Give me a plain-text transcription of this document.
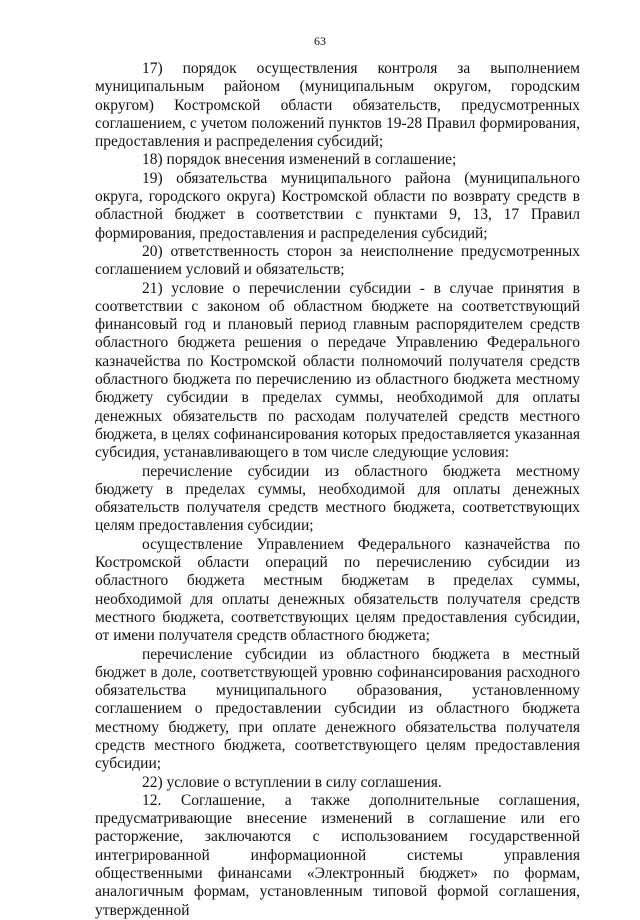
63

17) порядок осуществления контроля за выполнением муниципальным районом (муниципальным округом, городским округом) Костромской области обязательств, предусмотренных соглашением, с учетом положений пунктов 19-28 Правил формирования, предоставления и распределения субсидий;

18) порядок внесения изменений в соглашение;

19) обязательства муниципального района (муниципального округа, городского округа) Костромской области по возврату средств в областной бюджет в соответствии с пунктами 9, 13, 17 Правил формирования, предоставления и распределения субсидий;

20) ответственность сторон за неисполнение предусмотренных соглашением условий и обязательств;

21) условие о перечислении субсидии - в случае принятия в соответствии с законом об областном бюджете на соответствующий финансовый год и плановый период главным распорядителем средств областного бюджета решения о передаче Управлению Федерального казначейства по Костромской области полномочий получателя средств областного бюджета по перечислению из областного бюджета местному бюджету субсидии в пределах суммы, необходимой для оплаты денежных обязательств по расходам получателей средств местного бюджета, в целях софинансирования которых предоставляется указанная субсидия, устанавливающего в том числе следующие условия:

перечисление субсидии из областного бюджета местному бюджету в пределах суммы, необходимой для оплаты денежных обязательств получателя средств местного бюджета, соответствующих целям предоставления субсидии;

осуществление Управлением Федерального казначейства по Костромской области операций по перечислению субсидии из областного бюджета местным бюджетам в пределах суммы, необходимой для оплаты денежных обязательств получателя средств местного бюджета, соответствующих целям предоставления субсидии, от имени получателя средств областного бюджета;

перечисление субсидии из областного бюджета в местный бюджет в доле, соответствующей уровню софинансирования расходного обязательства муниципального образования, установленному соглашением о предоставлении субсидии из областного бюджета местному бюджету, при оплате денежного обязательства получателя средств местного бюджета, соответствующего целям предоставления субсидии;

22) условие о вступлении в силу соглашения.

12. Соглашение, а также дополнительные соглашения, предусматривающие внесение изменений в соглашение или его расторжение, заключаются с использованием государственной интегрированной информационной системы управления общественными финансами «Электронный бюджет» по формам, аналогичным формам, установленным типовой формой соглашения, утвержденной
